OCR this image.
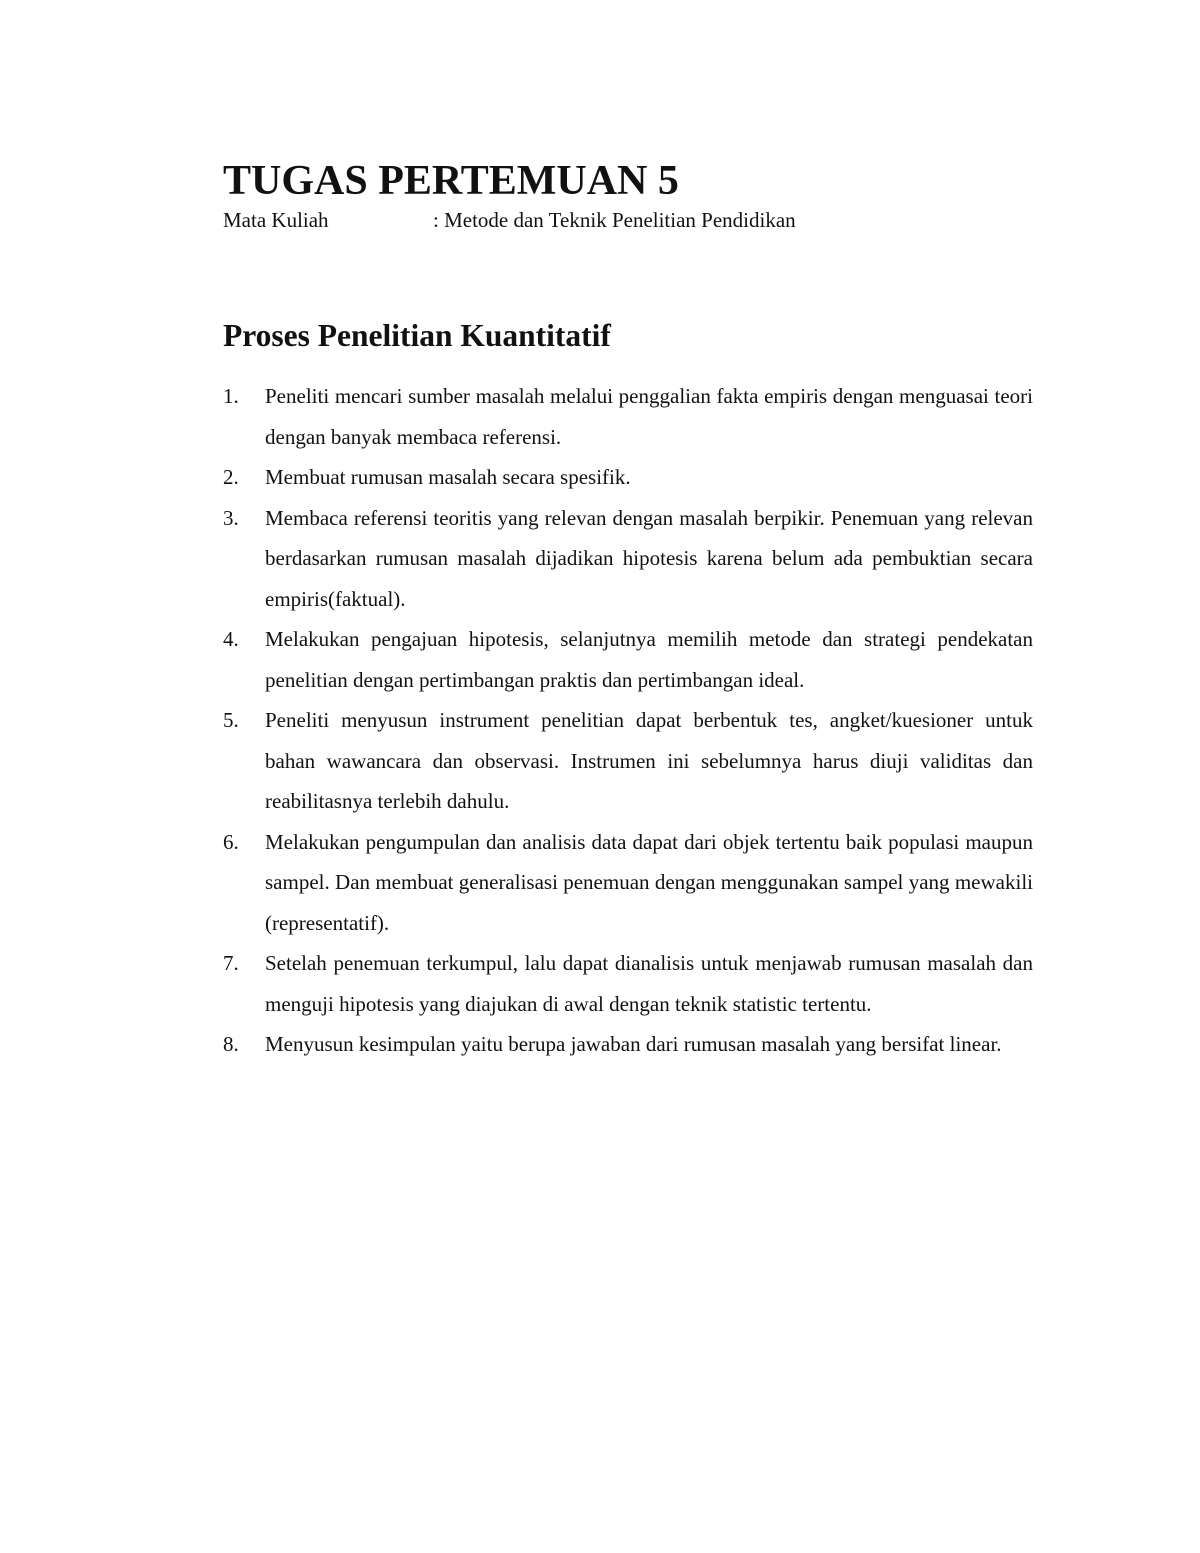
TUGAS PERTEMUAN 5
Mata Kuliah	: Metode dan Teknik Penelitian Pendidikan
Proses Penelitian Kuantitatif
1.	Peneliti mencari sumber masalah melalui penggalian fakta empiris dengan menguasai teori dengan banyak membaca referensi.
2.	Membuat rumusan masalah secara spesifik.
3.	Membaca referensi teoritis yang relevan dengan masalah berpikir. Penemuan yang relevan berdasarkan rumusan masalah dijadikan hipotesis karena belum ada pembuktian secara empiris(faktual).
4.	Melakukan pengajuan hipotesis, selanjutnya memilih metode dan strategi pendekatan penelitian dengan pertimbangan praktis dan pertimbangan ideal.
5.	Peneliti menyusun instrument penelitian dapat berbentuk tes, angket/kuesioner untuk bahan wawancara dan observasi. Instrumen ini sebelumnya harus diuji validitas dan reabilitasnya terlebih dahulu.
6.	Melakukan pengumpulan dan analisis data dapat dari objek tertentu baik populasi maupun sampel. Dan membuat generalisasi penemuan dengan menggunakan sampel yang mewakili (representatif).
7.	Setelah penemuan terkumpul, lalu dapat dianalisis untuk menjawab rumusan masalah dan menguji hipotesis yang diajukan di awal dengan teknik statistic tertentu.
8.	Menyusun kesimpulan yaitu berupa jawaban dari rumusan masalah yang bersifat linear.
